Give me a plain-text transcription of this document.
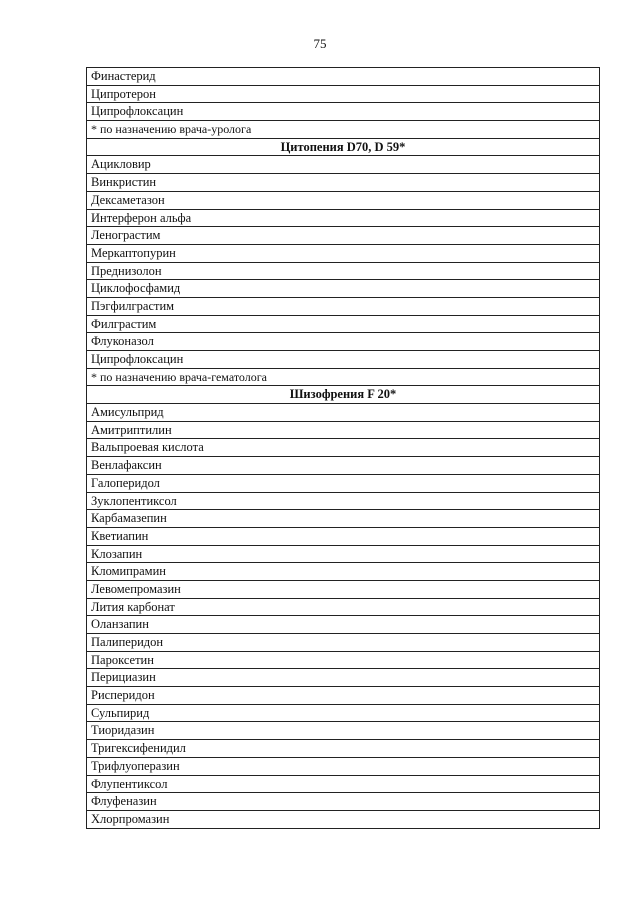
75
Финастерид
Ципротерон
Ципрофлоксацин
* по назначению врача-уролога
Цитопения D70, D 59*
Ацикловир
Винкристин
Дексаметазон
Интерферон альфа
Ленограстим
Меркаптопурин
Преднизолон
Циклофосфамид
Пэгфилграстим
Филграстим
Флуконазол
Ципрофлоксацин
* по назначению врача-гематолога
Шизофрения F 20*
Амисульприд
Амитриптилин
Вальпроевая кислота
Венлафаксин
Галоперидол
Зуклопентиксол
Карбамазепин
Кветиапин
Клозапин
Кломипрамин
Левомепромазин
Лития карбонат
Оланзапин
Палиперидон
Пароксетин
Перициазин
Рисперидон
Сульпирид
Тиоридазин
Тригексифенидил
Трифлуоперазин
Флупентиксол
Флуфеназин
Хлорпромазин
